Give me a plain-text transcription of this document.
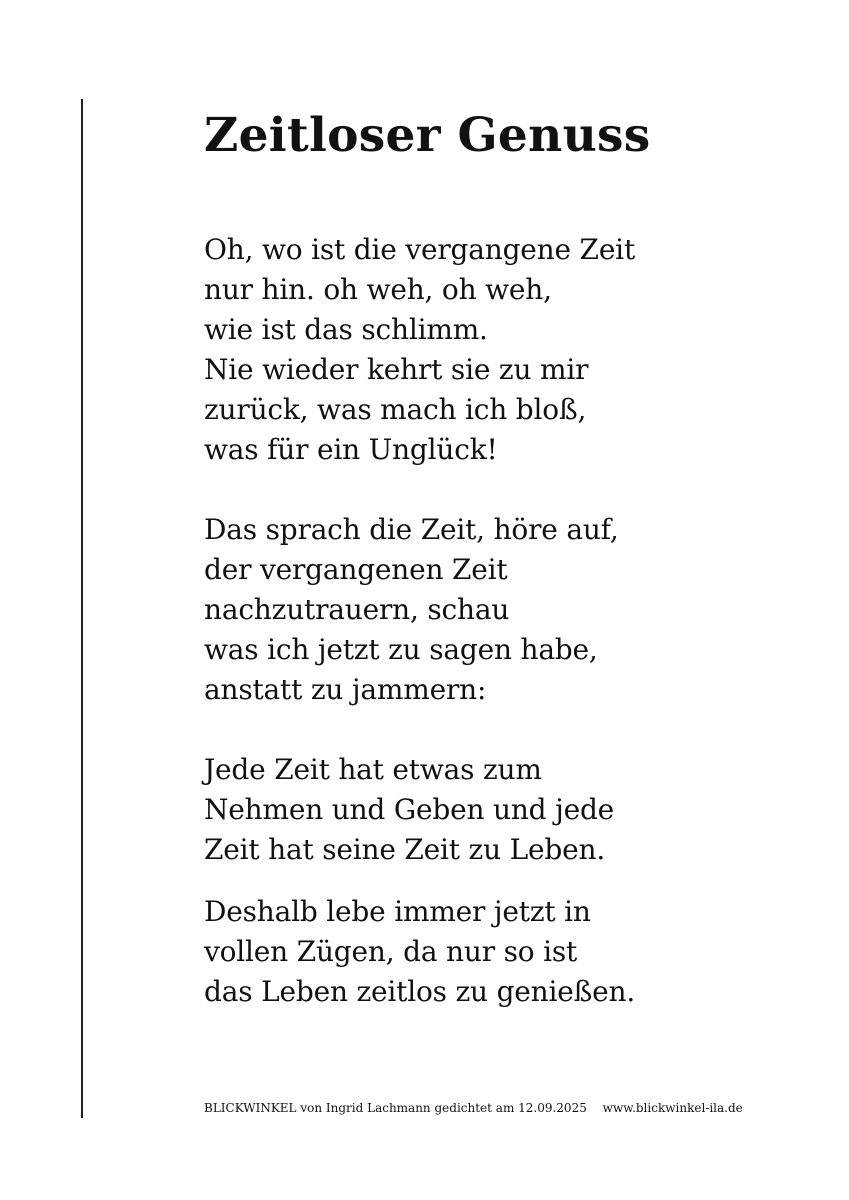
Zeitloser Genuss

Oh, wo ist die vergangene Zeit
nur hin. oh weh, oh weh,
wie ist das schlimm.
Nie wieder kehrt sie zu mir
zurück, was mach ich bloß,
was für ein Unglück!

Das sprach die Zeit, höre auf,
der vergangenen Zeit
nachzutrauern, schau
was ich jetzt zu sagen habe,
anstatt zu jammern:

Jede Zeit hat etwas zum
Nehmen und Geben und jede
Zeit hat seine Zeit zu Leben.

Deshalb lebe immer jetzt in
vollen Zügen, da nur so ist
das Leben zeitlos zu genießen.

BLICKWINKEL von Ingrid Lachmann gedichtet am 12.09.2025 www.blickwinkel-ila.de
